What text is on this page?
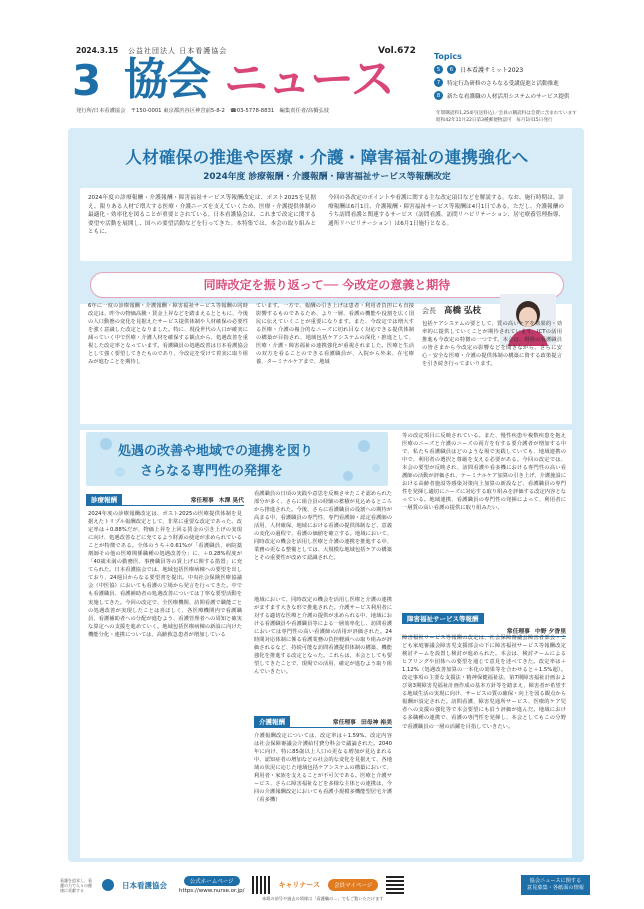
2024.3.15 公益社団法人 日本看護協会
3 協会 ニュース
Vol.672
発行所/日本看護協会　〒150-0001 東京都渋谷区神宮前5-8-2　☎03-5778-8831　編集責任者/髙橋弘枝
Topics
5	6	日本看護サミット2023
7	特定行為研修のさらなる受講促進と活動推進
8	新たな看護職の人材活用システムのサービス提供
年間購読料1,254円(送料込)／会員の購読料は会費に含まれています
昭和42年11月22日第3種郵便物認可　毎月1回15日発行
人材確保の推進や医療・介護・障害福祉の連携強化へ
2024年度 診療報酬・介護報酬・障害福祉サービス等報酬改定
2024年度の診療報酬・介護報酬・障害福祉サービス等報酬改定は、ポスト2025を見据え、限りある人材で増大する医療・介護ニーズを支えていくため、医療・介護提供体制の最適化・効率化を図ることが重要とされている。日本看護協会は、これまで改定に関する要望や活動を展開し、国への要望活動などを行ってきた。本特集では、本会の取り組みとともに、
今回の各改定のポイントや看護に関する主な改定項目などを解説する。なお、施行時期は、診療報酬は6月1日、介護報酬・障害福祉サービス等報酬は4月1日である。ただし、介護報酬のうち訪問看護と関連するサービス（訪問看護、訪問リハビリテーション、居宅療養管理指導、通所リハビリテーション）は6月1日施行となる。
同時改定を振り返って── 今改定の意義と期待
6年に一度の診療報酬・介護報酬・障害福祉サービス等報酬の同時改定は、昨今の物価高騰・賃金上昇などを踏まえるとともに、今後の人口動態の変化を見据えたサービス提供体制や人材確保の必要性を強く意識した改定となりました。特に、現役世代の人口が確実に減っていく中で医療・介護人材を確保する観点から、処遇改善を重視した改定率となっています。看護職員の処遇改善は日本看護協会として強く要望してきたものであり、今改定を受けて着実に取り組みが進むことを期待し
ています。一方で、報酬の引き上げは患者・利用者負担にも直接影響するものであるため、より一層、看護の機能や役割を広く国民に伝えていくことが重要になります。また、今改定では増大する医療・介護の複合的なニーズに切れ目なく対応できる提供体制の構築が目指され、地域包括ケアシステムの深化・推進として、医療・介護・障害福祉の連携強化が重視されました。医療と生活の双方を看ることのできる看護職員が、入院から外来、在宅療養、ターミナルケアまで、地域
会長 髙橋 弘枝
包括ケアシステムの要として、質の高いケアを効果的・効率的に提供していくことが期待されています。ICTの活用推進も今改定の特徴の一つです。本会は、現場の看護職員の皆さまから今改定の影響などを聞きながら、さらに安心・安全な医療・介護の提供体制の構築に資する政策提言を引き続き行ってまいります。
処遇の改善や地域での連携を図り
さらなる専門性の発揮を
診療報酬	常任理事 木澤 晃代
2024年度の診療報酬改定は、ポスト2025の医療提供体制を見据えたトリプル報酬改定として、非常に重要な改定であった。改定率は＋0.88%だが、物価上昇を上回る賃金の引き上げの実現に向け、処遇改善などに充てるよう財源の使途が求められていることが特徴である。全体のうち＋0.61%が「看護職員、病院薬剤師その他の医療関係職種の処遇改善分」に、＋0.28%程度が「40歳未満の勤務医、事務職員等の賃上げに関する措置」に充てられた。日本看護協会では、地域包括医療病棟への要望を出しており、24週目からなる要望書を提出。中央社会保険医療協議会（中医協）においても看護の立場から発言を行ってきた。中でも看護職員、看護補助者の処遇改善については丁寧な要望活動を実施してきた。今回の改定で、全医療機関、訪問看護で職能ごとの処遇改善が実現したことは喜ばしく、各医療機関内で看護職員、看護補助者への分配が進むよう、看護管理者への周知と確実な算定への支援を進めていく。地域包括医療病棟の新設に向けた機能分化・連携については、高齢救急患者が増加している
看護職員の日頃の実践や意思を反映させたこそ認められた部分が多く、さらに組合員の経験の蓄積が見込めるところから推進された。今後、さらに看護職員の役割への期待が高まる中、看護職員の専門性、専門看護師・認定看護師の活用、人材確保、地域における看護の提供体制など、意義の変化の過程で、看護の価値を確立する。地域において、同時改定の機会を活用し医療と介護の連携を推進する中、業務の更なる整備としては、大規模な地域包括ケアの構築とその重要性が改めて認識された。
地域において、同時改定の機会を活用し医療と介護の連携がますます大きな形で推進された。介護サービス利用者に対する適切な医療と介護の提供が求められる中、地域における看護職員や看護職員等による一層効率化し、訪問看護においては専門性の高い看護師の活用が評価された。24時間対応体制に係る看護業務の負担軽減への取り組みが評価されるなど、持続可能な訪問看護提供体制の構築、機能強化を推進する改定となった。これらは、本会としても要望してきたことで、現場での活用、確定が進むよう取り組んでいきたい。
介護報酬	常任理事 田母神 裕美
介護報酬改定については、改定率は＋1.59%。改定内容は社会保障審議会介護給付費分科会で議論された。2040年に向け、特に85歳以上人口の更なる増加が見込まれる中、認知症者の増加などの社会的な変化を見据えて、各地域の状況に応じた地域包括ケアシステムの構築において、利用者・家族を支えることが不可欠である。医療と介護サービス、さらに障害福祉などを多様な主体との連携は、今回の介護報酬改定においても看護小規模多機能型居宅介護（看多機）
等の改定項目に反映されている。また、慢性疾患や複数疾患を抱え医療のニーズと介護のニーズの両方を有する要介護者が増加する中で、私たち看護職員はどのような場で実践していても、地域連携の中で、利用者の選択と尊厳を支える必要がある。今回の改定では、本会の要望が反映され、訪問看護や看多機における専門性の高い看護師の活動が評価され、テーミナルケア加算の引き上げ、介護施設における高齢者施設等感染対策向上加算の新設など、看護職員の専門性を発揮し適切にニーズに対応する取り組みを評価する改定内容となっている。地域連携、看護職員の専門性の発揮によって、利用者に一層質の高い看護の提供に取り組みたい。
障害福祉サービス等報酬
常任理事 中野 夕香里
障害福祉サービス等報酬の改定は、社会保障審議会障害者部会・こども家庭審議会障害児支援部会の下に障害福祉サービス等報酬改定検討チームを設置し検討が進められた。本会は、検討チームによるヒアリングや団体への要望を通じて意見を述べてきた。改定率は＋1.12%（処遇改善加算の一本化の効果等を合わせると＋1.5%超）。改定事項の主要な支援法・精神保健福祉法、第7期障害福祉計画および第3期障害児福祉計画作成の基本方針等を踏まえ、障害者が希望する地域生活の実現に向け、サービスの質の確保・向上を図る観点から報酬が設定された。訪問看護、障害児通所サービス、医療的ケア児者への支援の強化等で本会要望にも沿う評価が進んだ。地域における多職種の連携で、看護の専門性を発揮し、本会としてもこの分野で看護職員の一層の活躍を目指していきたい。
看護を追求し、看護の力で人々の健康に貢献する
日本看護協会	公式ホームページ
https://www.nurse.or.jp/
キャリナース	会員マイページ
協会ニュースに関する
意見募集・各紙面の情報
本紙の前号や過去の情報は「看護職の…」でもご覧いただけます
